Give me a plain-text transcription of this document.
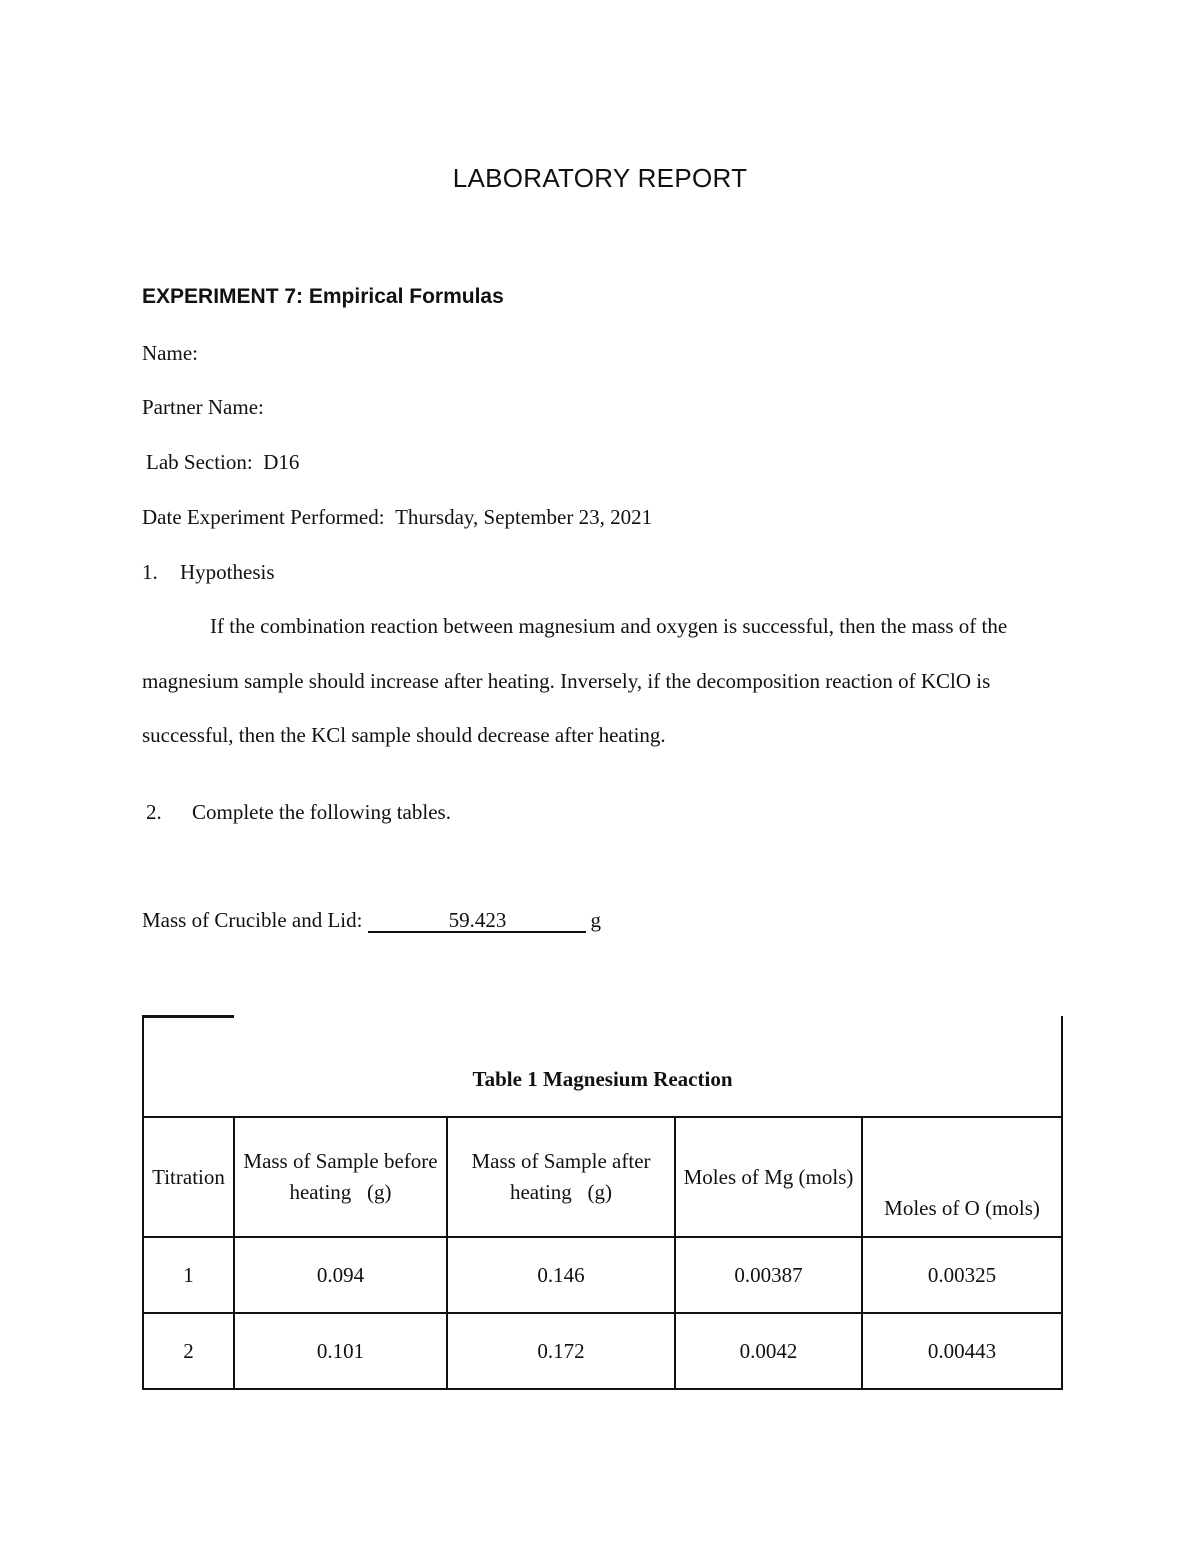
LABORATORY REPORT
EXPERIMENT 7: Empirical Formulas
Name:
Partner Name:
Lab Section: D16
Date Experiment Performed: Thursday, September 23, 2021
1. Hypothesis
If the combination reaction between magnesium and oxygen is successful, then the mass of the magnesium sample should increase after heating. Inversely, if the decomposition reaction of KClO is successful, then the KCl sample should decrease after heating.
2. Complete the following tables.
Mass of Crucible and Lid:	59.423	g
Table 1 Magnesium Reaction				
Titration	Mass of Sample before heating   (g)	Mass of Sample after heating   (g)	Moles of Mg (mols)	Moles of O (mols)
1	0.094	0.146	0.00387	0.00325
2	0.101	0.172	0.0042	0.00443
